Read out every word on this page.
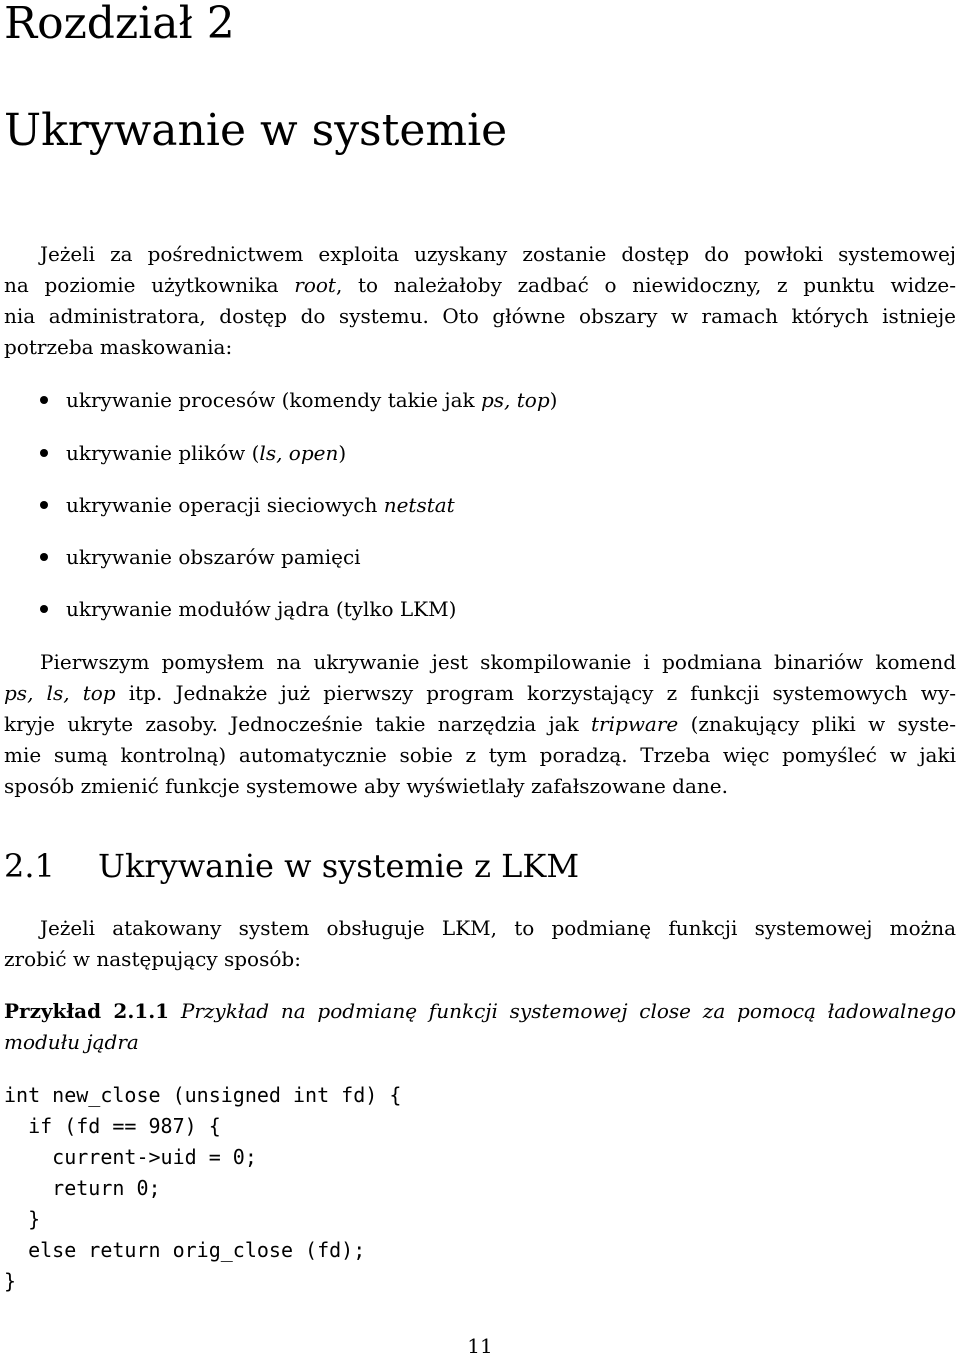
Rozdział 2
Ukrywanie w systemie

Jeżeli za pośrednictwem exploita uzyskany zostanie dostęp do powłoki systemowej

na poziomie użytkownika root, to należałoby zadbać o niewidoczny, z punktu widze-

nia administratora, dostęp do systemu. Oto główne obszary w ramach których istnieje

potrzeba maskowania:

ukrywanie procesów (komendy takie jak ps, top)

ukrywanie plików (ls, open)

ukrywanie operacji sieciowych netstat

ukrywanie obszarów pamięci

ukrywanie modułów jądra (tylko LKM)

Pierwszym pomysłem na ukrywanie jest skompilowanie i podmiana binariów komend

ps, ls, top itp. Jednakże już pierwszy program korzystający z funkcji systemowych wy-

kryje ukryte zasoby. Jednocześnie takie narzędzia jak tripware (znakujący pliki w syste-

mie sumą kontrolną) automatycznie sobie z tym poradzą. Trzeba więc pomyśleć w jaki

sposób zmienić funkcje systemowe aby wyświetlały zafałszowane dane.

2.1 Ukrywanie w systemie z LKM

Jeżeli atakowany system obsługuje LKM, to podmianę funkcji systemowej można

zrobić w następujący sposób:

Przykład 2.1.1 Przykład na podmianę funkcji systemowej close za pomocą ładowalnego

modułu jądra

int new_close (unsigned int fd) {
if (fd == 987) {
current->uid = 0;
return 0;
}
else return orig_close (fd);
}

11
